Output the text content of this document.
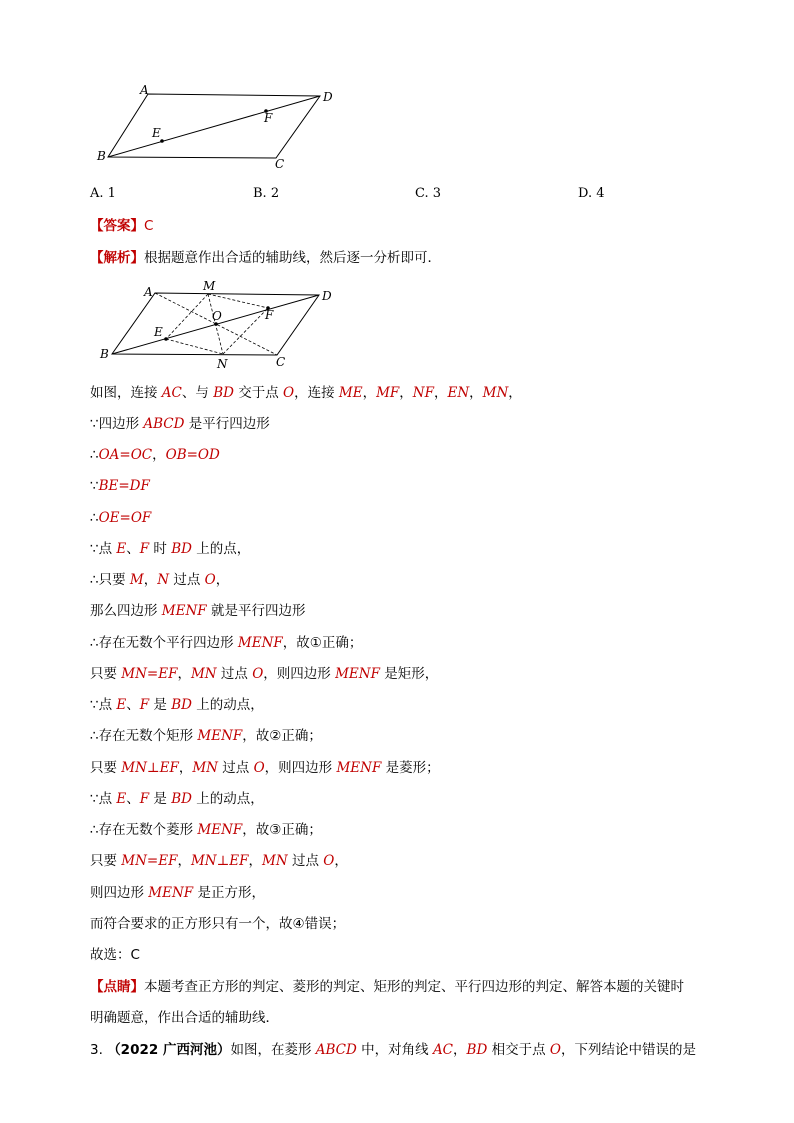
A
B
C
D
E
F
A. 1	B. 2	C. 3	D. 4
【答案】C
【解析】根据题意作出合适的辅助线，然后逐一分析即可．
A	M
D
O	F
E
B
N	C
如图，连接 AC、与 BD 交于点 O，连接 ME，MF，NF，EN，MN，
∵四边形 ABCD 是平行四边形
∴OA=OC，OB=OD
∵BE=DF
∴OE=OF
∵点 E、F 时 BD 上的点，
∴只要 M，N 过点 O，
那么四边形 MENF 就是平行四边形
∴存在无数个平行四边形 MENF，故①正确；
只要 MN=EF，MN 过点 O，则四边形 MENF 是矩形，
∵点 E、F 是 BD 上的动点，
∴存在无数个矩形 MENF，故②正确；
只要 MN⊥EF，MN 过点 O，则四边形 MENF 是菱形；
∵点 E、F 是 BD 上的动点，
∴存在无数个菱形 MENF，故③正确；
只要 MN=EF，MN⊥EF，MN 过点 O，
则四边形 MENF 是正方形，
而符合要求的正方形只有一个，故④错误；
故选：C
【点睛】本题考查正方形的判定、菱形的判定、矩形的判定、平行四边形的判定、解答本题的关键时
明确题意，作出合适的辅助线．
3. （2022 广西河池）如图，在菱形 ABCD 中，对角线 AC，BD 相交于点 O，下列结论中错误的是
